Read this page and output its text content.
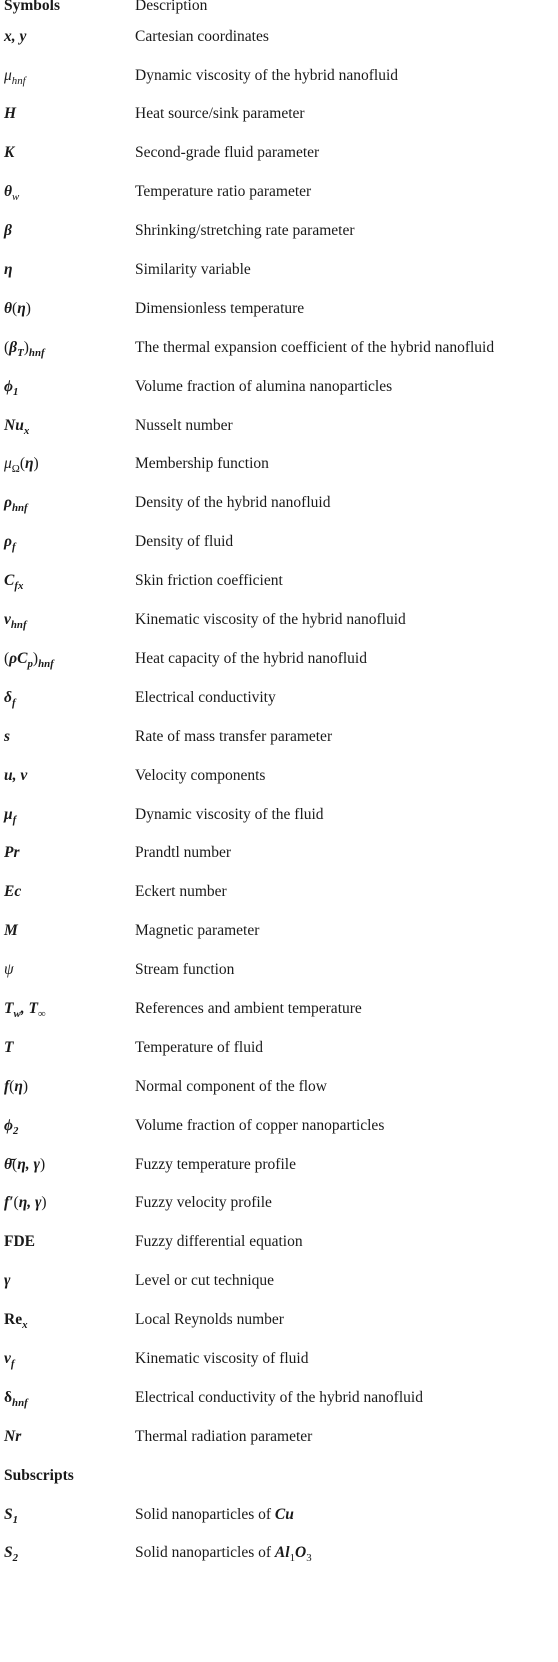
Symbols	Description
x, y	Cartesian coordinates
$\mu_{hnf}$	Dynamic viscosity of the hybrid nanofluid
H	Heat source/sink parameter
K	Second-grade fluid parameter
$\theta_w$	Temperature ratio parameter
β	Shrinking/stretching rate parameter
η	Similarity variable
θ(η)	Dimensionless temperature
$(\beta_T)_{hnf}$	The thermal expansion coefficient of the hybrid nanofluid
$\phi_1$	Volume fraction of alumina nanoparticles
$Nu_x$	Nusselt number
$\mu_\Omega(\eta)$	Membership function
$\rho_{hnf}$	Density of the hybrid nanofluid
$\rho_f$	Density of fluid
$C_{fx}$	Skin friction coefficient
$\nu_{hnf}$	Kinematic viscosity of the hybrid nanofluid
$(\rho C_p)_{hnf}$	Heat capacity of the hybrid nanofluid
$\delta_f$	Electrical conductivity
s	Rate of mass transfer parameter
u, v	Velocity components
$\mu_f$	Dynamic viscosity of the fluid
Pr	Prandtl number
Ec	Eckert number
M	Magnetic parameter
ψ	Stream function
$T_w$, $T_\infty$	References and ambient temperature
T	Temperature of fluid
f(η)	Normal component of the flow
$\phi_2$	Volume fraction of copper nanoparticles
θ̄(η, γ)	Fuzzy temperature profile
f′(η, γ)	Fuzzy velocity profile
FDE	Fuzzy differential equation
γ	Level or cut technique
$Re_x$	Local Reynolds number
$\nu_f$	Kinematic viscosity of fluid
$\delta_{hnf}$	Electrical conductivity of the hybrid nanofluid
Nr	Thermal radiation parameter
Subscripts
$S_1$	Solid nanoparticles of Cu
$S_2$	Solid nanoparticles of $Al_1O_3$
